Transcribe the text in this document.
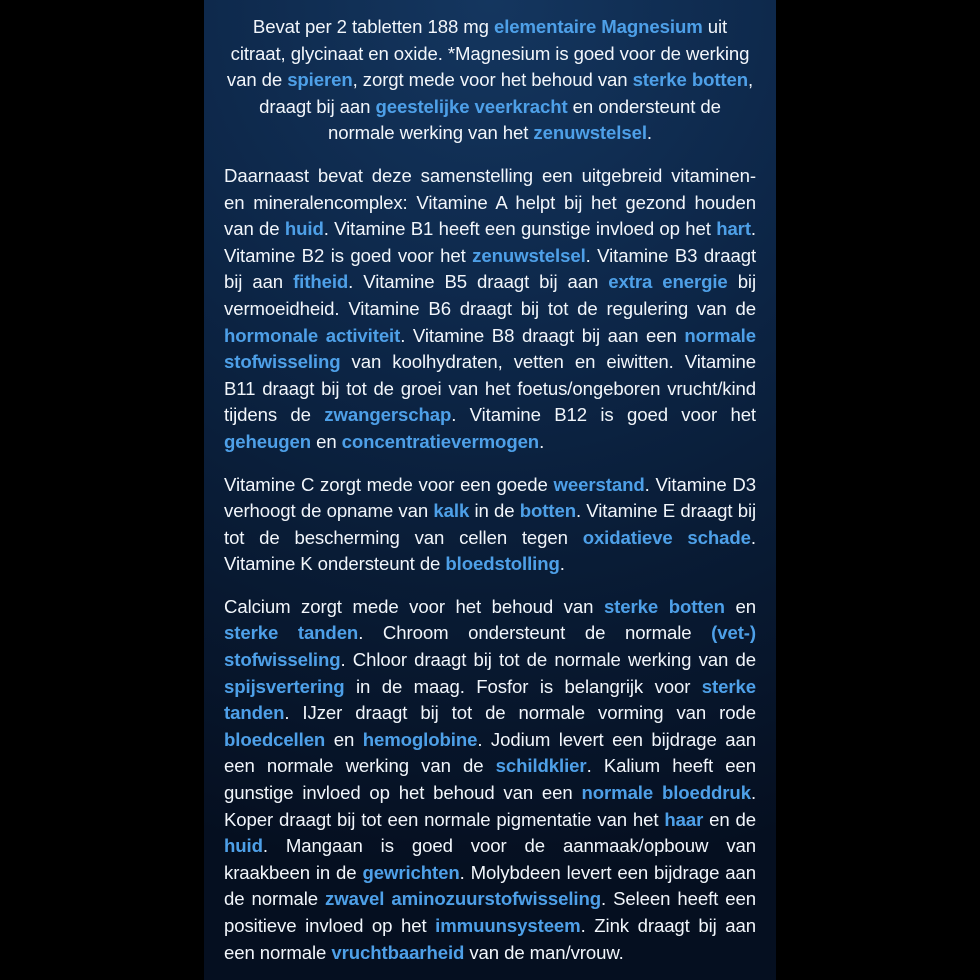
Bevat per 2 tabletten 188 mg elementaire Magnesium uit citraat, glycinaat en oxide. *Magnesium is goed voor de werking van de spieren, zorgt mede voor het behoud van sterke botten, draagt bij aan geestelijke veerkracht en ondersteunt de normale werking van het zenuwstelsel.
Daarnaast bevat deze samenstelling een uitgebreid vitaminen- en mineralencomplex: Vitamine A helpt bij het gezond houden van de huid. Vitamine B1 heeft een gunstige invloed op het hart. Vitamine B2 is goed voor het zenuwstelsel. Vitamine B3 draagt bij aan fitheid. Vitamine B5 draagt bij aan extra energie bij vermoeidheid. Vitamine B6 draagt bij tot de regulering van de hormonale activiteit. Vitamine B8 draagt bij aan een normale stofwisseling van koolhydraten, vetten en eiwitten. Vitamine B11 draagt bij tot de groei van het foetus/ongeboren vrucht/kind tijdens de zwangerschap. Vitamine B12 is goed voor het geheugen en concentratievermogen.
Vitamine C zorgt mede voor een goede weerstand. Vitamine D3 verhoogt de opname van kalk in de botten. Vitamine E draagt bij tot de bescherming van cellen tegen oxidatieve schade. Vitamine K ondersteunt de bloedstolling.
Calcium zorgt mede voor het behoud van sterke botten en sterke tanden. Chroom ondersteunt de normale (vet-) stofwisseling. Chloor draagt bij tot de normale werking van de spijsvertering in de maag. Fosfor is belangrijk voor sterke tanden. IJzer draagt bij tot de normale vorming van rode bloedcellen en hemoglobine. Jodium levert een bijdrage aan een normale werking van de schildklier. Kalium heeft een gunstige invloed op het behoud van een normale bloeddruk. Koper draagt bij tot een normale pigmentatie van het haar en de huid. Mangaan is goed voor de aanmaak/opbouw van kraakbeen in de gewrichten. Molybdeen levert een bijdrage aan de normale zwavel aminozuurstofwisseling. Seleen heeft een positieve invloed op het immuunsysteem. Zink draagt bij aan een normale vruchtbaarheid van de man/vrouw.
